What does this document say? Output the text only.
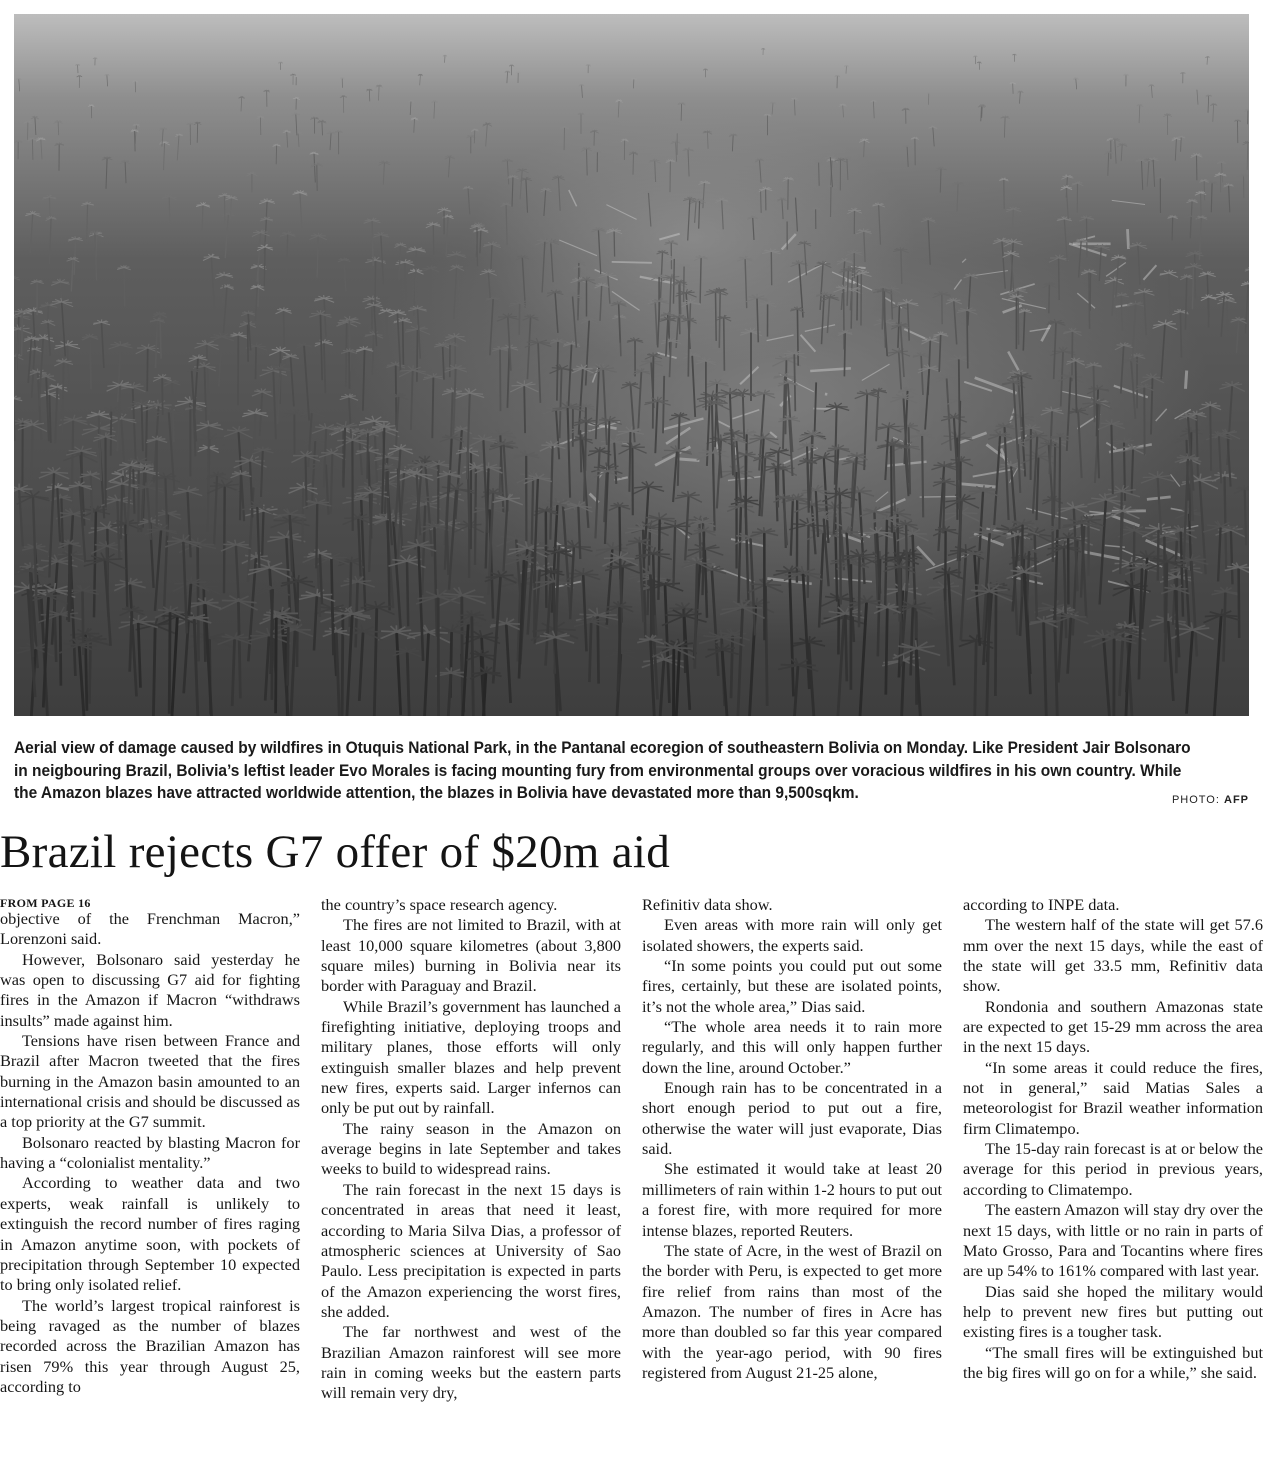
Aerial view of damage caused by wildfires in Otuquis National Park, in the Pantanal ecoregion of southeastern Bolivia on Monday. Like President Jair Bolsonaro in neigbouring Brazil, Bolivia’s leftist leader Evo Morales is facing mounting fury from environmental groups over voracious wildfires in his own country. While the Amazon blazes have attracted worldwide attention, the blazes in Bolivia have devastated more than 9,500sqkm.	PHOTO: AFP
Brazil rejects G7 offer of $20m aid
FROM PAGE 16

objective of the Frenchman Macron,” Lorenzoni said.

However, Bolsonaro said yesterday he was open to discussing G7 aid for fighting fires in the Amazon if Macron “withdraws insults” made against him.

Tensions have risen between France and Brazil after Macron tweeted that the fires burning in the Amazon basin amounted to an international crisis and should be discussed as a top priority at the G7 summit.

Bolsonaro reacted by blasting Macron for having a “colonialist mentality.”

According to weather data and two experts, weak rainfall is unlikely to extinguish the record number of fires raging in Amazon anytime soon, with pockets of precipitation through September 10 expected to bring only isolated relief.

The world’s largest tropical rainforest is being ravaged as the number of blazes recorded across the Brazilian Amazon has risen 79% this year through August 25, according to

the country’s space research agency.

The fires are not limited to Brazil, with at least 10,000 square kilometres (about 3,800 square miles) burning in Bolivia near its border with Paraguay and Brazil.

While Brazil’s government has launched a firefighting initiative, deploying troops and military planes, those efforts will only extinguish smaller blazes and help prevent new fires, experts said. Larger infernos can only be put out by rainfall.

The rainy season in the Amazon on average begins in late September and takes weeks to build to widespread rains.

The rain forecast in the next 15 days is concentrated in areas that need it least, according to Maria Silva Dias, a professor of atmospheric sciences at University of Sao Paulo. Less precipitation is expected in parts of the Amazon experiencing the worst fires, she added.

The far northwest and west of the Brazilian Amazon rainforest will see more rain in coming weeks but the eastern parts will remain very dry,

Refinitiv data show.

Even areas with more rain will only get isolated showers, the experts said.

“In some points you could put out some fires, certainly, but these are isolated points, it’s not the whole area,” Dias said.

“The whole area needs it to rain more regularly, and this will only happen further down the line, around October.”

Enough rain has to be concentrated in a short enough period to put out a fire, otherwise the water will just evaporate, Dias said.

She estimated it would take at least 20 millimeters of rain within 1-2 hours to put out a forest fire, with more required for more intense blazes, reported Reuters.

The state of Acre, in the west of Brazil on the border with Peru, is expected to get more fire relief from rains than most of the Amazon. The number of fires in Acre has more than doubled so far this year compared with the year-ago period, with 90 fires registered from August 21-25 alone,

according to INPE data.

The western half of the state will get 57.6 mm over the next 15 days, while the east of the state will get 33.5 mm, Refinitiv data show.

Rondonia and southern Amazonas state are expected to get 15-29 mm across the area in the next 15 days.

“In some areas it could reduce the fires, not in general,” said Matias Sales a meteorologist for Brazil weather information firm Climatempo.

The 15-day rain forecast is at or below the average for this period in previous years, according to Climatempo.

The eastern Amazon will stay dry over the next 15 days, with little or no rain in parts of Mato Grosso, Para and Tocantins where fires are up 54% to 161% compared with last year.

Dias said she hoped the military would help to prevent new fires but putting out existing fires is a tougher task.

“The small fires will be extinguished but the big fires will go on for a while,” she said.
